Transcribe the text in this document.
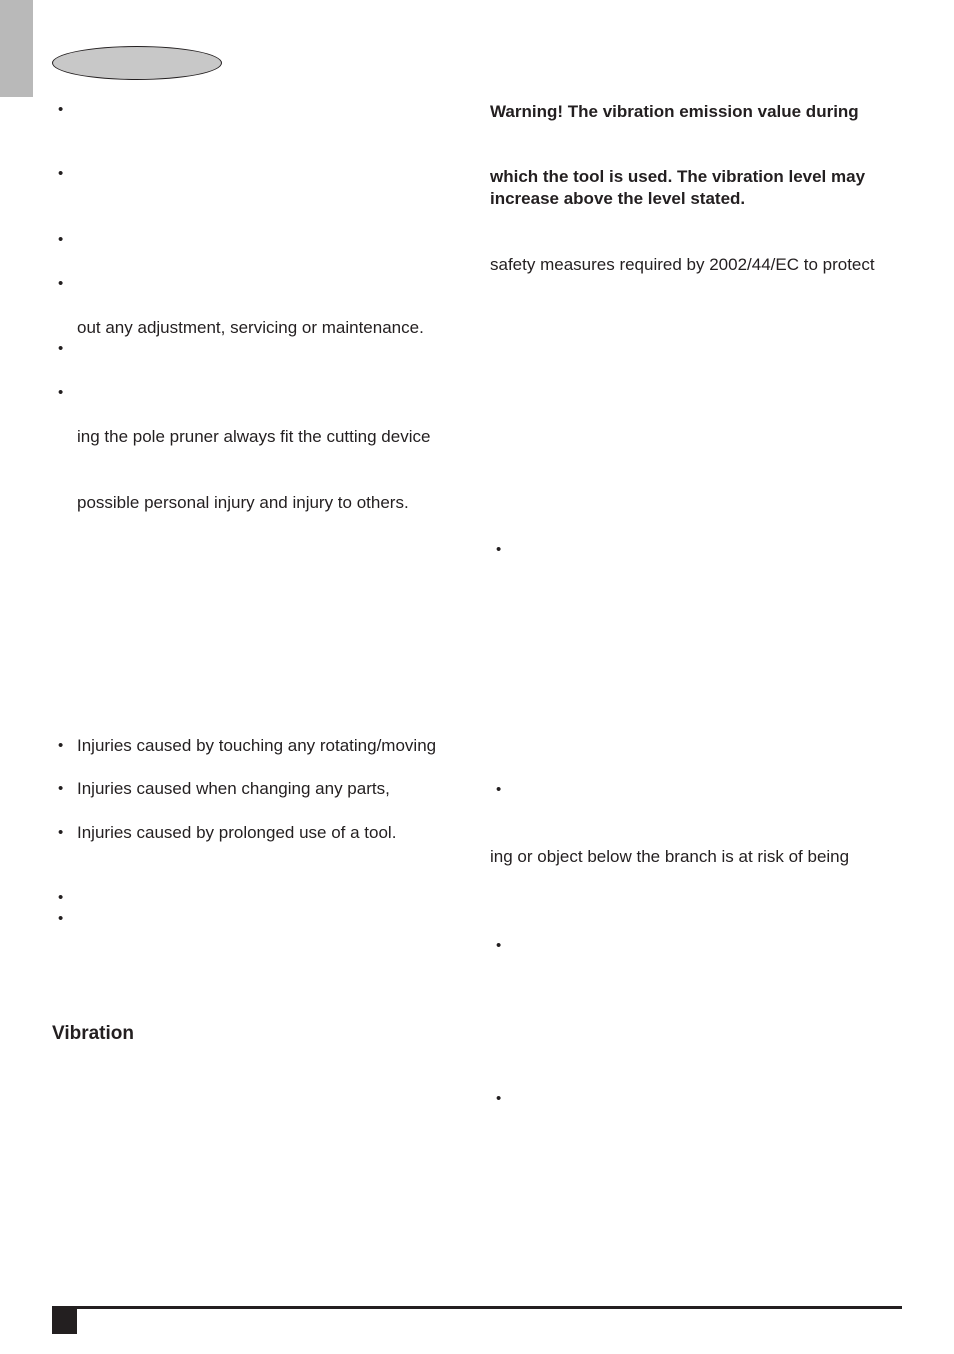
•
•
•
•
out any adjustment, servicing or maintenance.
•
•
ing the pole pruner always fit the cutting device
possible personal injury and injury to others.
• Injuries caused by touching any rotating/moving
• Injuries caused when changing any parts,
• Injuries caused by prolonged use of a tool.
•
•
Vibration
Warning! The vibration emission value during
which the tool is used. The vibration level may
increase above the level stated.
safety measures required by 2002/44/EC to protect
•
•
ing or object below the branch is at risk of being
•
•
